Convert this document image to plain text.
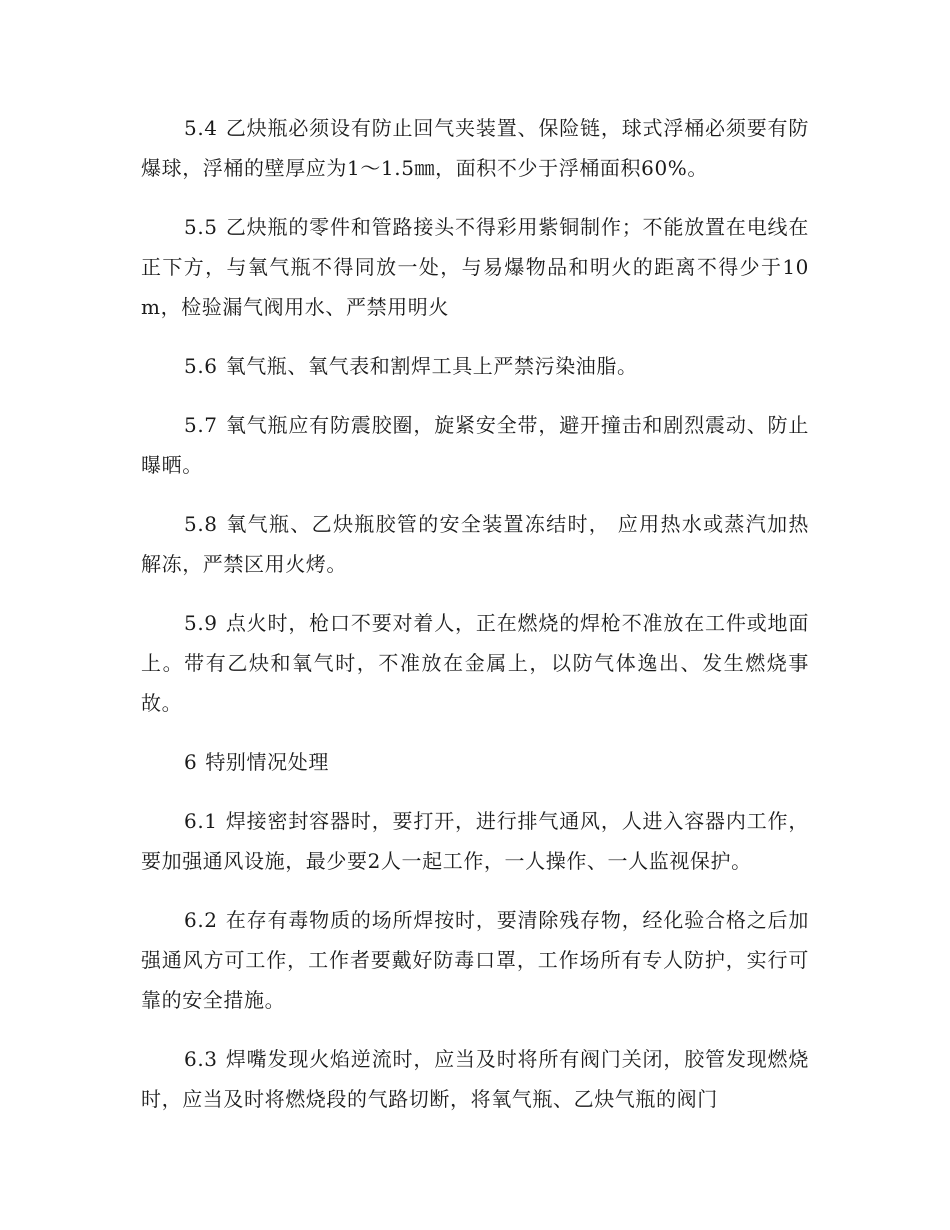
5.4 乙炔瓶必须设有防止回气夹装置、保险链，球式浮桶必须要有防爆球，浮桶的壁厚应为1～1.5㎜，面积不少于浮桶面积60%。

5.5 乙炔瓶的零件和管路接头不得彩用紫铜制作；不能放置在电线在正下方，与氧气瓶不得同放一处，与易爆物品和明火的距离不得少于10m，检验漏气阀用水、严禁用明火

5.6 氧气瓶、氧气表和割焊工具上严禁污染油脂。

5.7 氧气瓶应有防震胶圈，旋紧安全带，避开撞击和剧烈震动、防止曝晒。

5.8 氧气瓶、乙炔瓶胶管的安全装置冻结时， 应用热水或蒸汽加热解冻，严禁区用火烤。

5.9 点火时，枪口不要对着人，正在燃烧的焊枪不准放在工件或地面上。带有乙炔和氧气时，不准放在金属上，以防气体逸出、发生燃烧事故。

6 特别情况处理

6.1 焊接密封容器时，要打开，进行排气通风，人进入容器内工作，要加强通风设施，最少要2人一起工作，一人操作、一人监视保护。

6.2 在存有毒物质的场所焊按时，要清除残存物，经化验合格之后加强通风方可工作，工作者要戴好防毒口罩，工作场所有专人防护，实行可靠的安全措施。

6.3 焊嘴发现火焰逆流时，应当及时将所有阀门关闭，胶管发现燃烧时，应当及时将燃烧段的气路切断，将氧气瓶、乙炔气瓶的阀门
